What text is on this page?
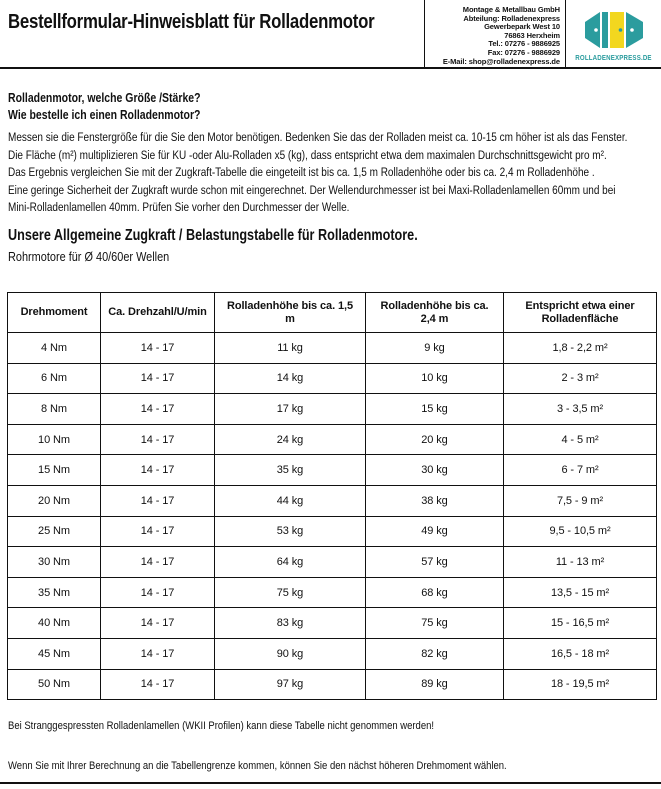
Bestellformular-Hinweisblatt für Rolladenmotor
Montage & Metallbau GmbH
Abteilung: Rolladenexpress
Gewerbepark West 10
76863 Herxheim
Tel.: 07276 - 9886925
Fax: 07276 - 9886929
E-Mail: shop@rolladenexpress.de ROLLADENEXPRESS.DE
Rolladenmotor, welche Größe /Stärke?
Wie bestelle ich einen Rolladenmotor?
Messen sie die Fenstergröße für die Sie den Motor benötigen. Bedenken Sie das der Rolladen meist ca. 10-15 cm höher ist als das Fenster.
Die Fläche (m²) multiplizieren Sie für KU -oder Alu-Rolladen x5 (kg), dass entspricht etwa dem maximalen Durchschnittsgewicht pro m².
Das Ergebnis vergleichen Sie mit der Zugkraft-Tabelle die eingeteilt ist bis ca. 1,5 m Rolladenhöhe oder bis ca. 2,4 m Rolladenhöhe .
Eine geringe Sicherheit der Zugkraft wurde schon mit eingerechnet. Der Wellendurchmesser ist bei Maxi-Rolladenlamellen 60mm und bei
Mini-Rolladenlamellen 40mm. Prüfen Sie vorher den Durchmesser der Welle.
Unsere Allgemeine Zugkraft / Belastungstabelle für Rolladenmotore.
Rohrmotore für Ø 40/60er Wellen
Drehmoment	Ca. Drehzahl/U/min	Rolladenhöhe bis ca. 1,5 m	Rolladenhöhe bis ca. 2,4 m	Entspricht etwa einer Rolladenfläche
4 Nm	14 - 17	11 kg	9 kg	1,8 - 2,2 m²
6 Nm	14 - 17	14 kg	10 kg	2 - 3 m²
8 Nm	14 - 17	17 kg	15 kg	3 - 3,5 m²
10 Nm	14 - 17	24 kg	20 kg	4 - 5 m²
15 Nm	14 - 17	35 kg	30 kg	6 - 7 m²
20 Nm	14 - 17	44 kg	38 kg	7,5 - 9 m²
25 Nm	14 - 17	53 kg	49 kg	9,5 - 10,5 m²
30 Nm	14 - 17	64 kg	57 kg	11 - 13 m²
35 Nm	14 - 17	75 kg	68 kg	13,5 - 15 m²
40 Nm	14 - 17	83 kg	75 kg	15 - 16,5 m²
45 Nm	14 - 17	90 kg	82 kg	16,5 - 18 m²
50 Nm	14 - 17	97 kg	89 kg	18 - 19,5 m²
Bei Stranggespressten Rolladenlamellen (WKII Profilen) kann diese Tabelle nicht genommen werden!
Wenn Sie mit Ihrer Berechnung an die Tabellengrenze kommen, können Sie den nächst höheren Drehmoment wählen.
